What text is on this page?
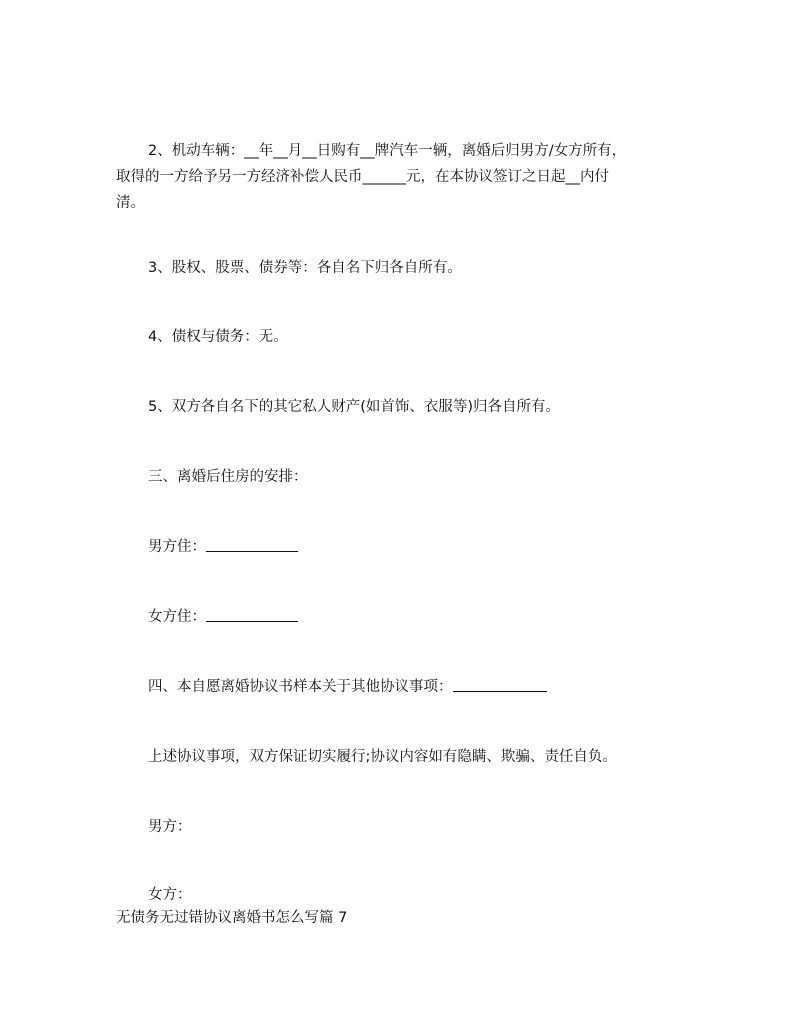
2、机动车辆：__年__月__日购有__牌汽车一辆，离婚后归男方/女方所有，
取得的一方给予另一方经济补偿人民币______元，在本协议签订之日起__内付
清。
3、股权、股票、债券等：各自名下归各自所有。
4、债权与债务：无。
5、双方各自名下的其它私人财产(如首饰、衣服等)归各自所有。
三、离婚后住房的安排：
男方住：
女方住：
四、本自愿离婚协议书样本关于其他协议事项：
上述协议事项，双方保证切实履行;协议内容如有隐瞒、欺骗、责任自负。
男方：
女方：
无债务无过错协议离婚书怎么写篇 7
